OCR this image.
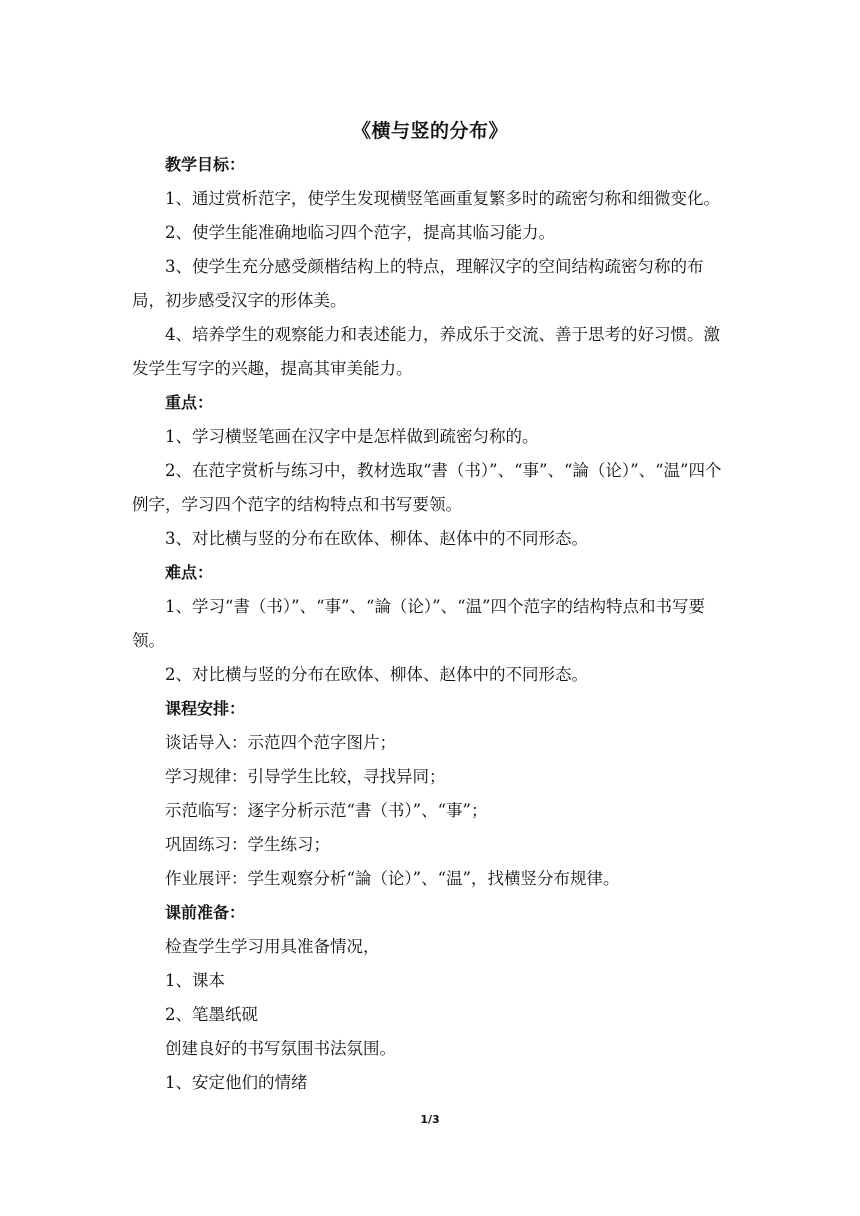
《横与竖的分布》

教学目标：

1、通过赏析范字，使学生发现横竖笔画重复繁多时的疏密匀称和细微变化。

2、使学生能准确地临习四个范字，提高其临习能力。

3、使学生充分感受颜楷结构上的特点，理解汉字的空间结构疏密匀称的布局，初步感受汉字的形体美。

4、培养学生的观察能力和表述能力，养成乐于交流、善于思考的好习惯。激发学生写字的兴趣，提高其审美能力。

重点：

1、学习横竖笔画在汉字中是怎样做到疏密匀称的。

2、在范字赏析与练习中，教材选取“書（书）”、“事”、“論（论）”、“温”四个例字，学习四个范字的结构特点和书写要领。

3、对比横与竖的分布在欧体、柳体、赵体中的不同形态。

难点：

1、学习“書（书）”、“事”、“論（论）”、“温”四个范字的结构特点和书写要领。

2、对比横与竖的分布在欧体、柳体、赵体中的不同形态。

课程安排：

谈话导入：示范四个范字图片；

学习规律：引导学生比较，寻找异同；

示范临写：逐字分析示范“書（书）”、“事”；

巩固练习：学生练习；

作业展评：学生观察分析“論（论）”、“温”，找横竖分布规律。

课前准备：

检查学生学习用具准备情况，

1、课本

2、笔墨纸砚

创建良好的书写氛围书法氛围。

1、安定他们的情绪

1/3
